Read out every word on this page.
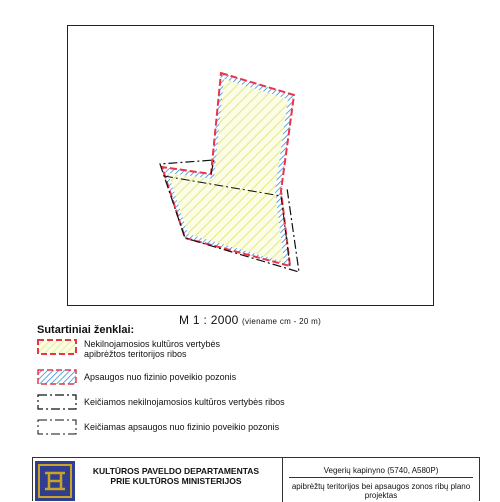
M 1 : 2000 (viename cm - 20 m)
Sutartiniai ženklai:
Nekilnojamosios kultūros vertybės
apibrėžtos teritorijos ribos
Apsaugos nuo fizinio poveikio pozonis
Keičiamos nekilnojamosios kultūros vertybės ribos
Keičiamas apsaugos nuo fizinio poveikio pozonis
KULTŪROS PAVELDO DEPARTAMENTAS
PRIE KULTŪROS MINISTERIJOS
Vegerių kapinyno (5740, A580P)
apibrėžtų teritorijos bei apsaugos zonos ribų plano projektas
